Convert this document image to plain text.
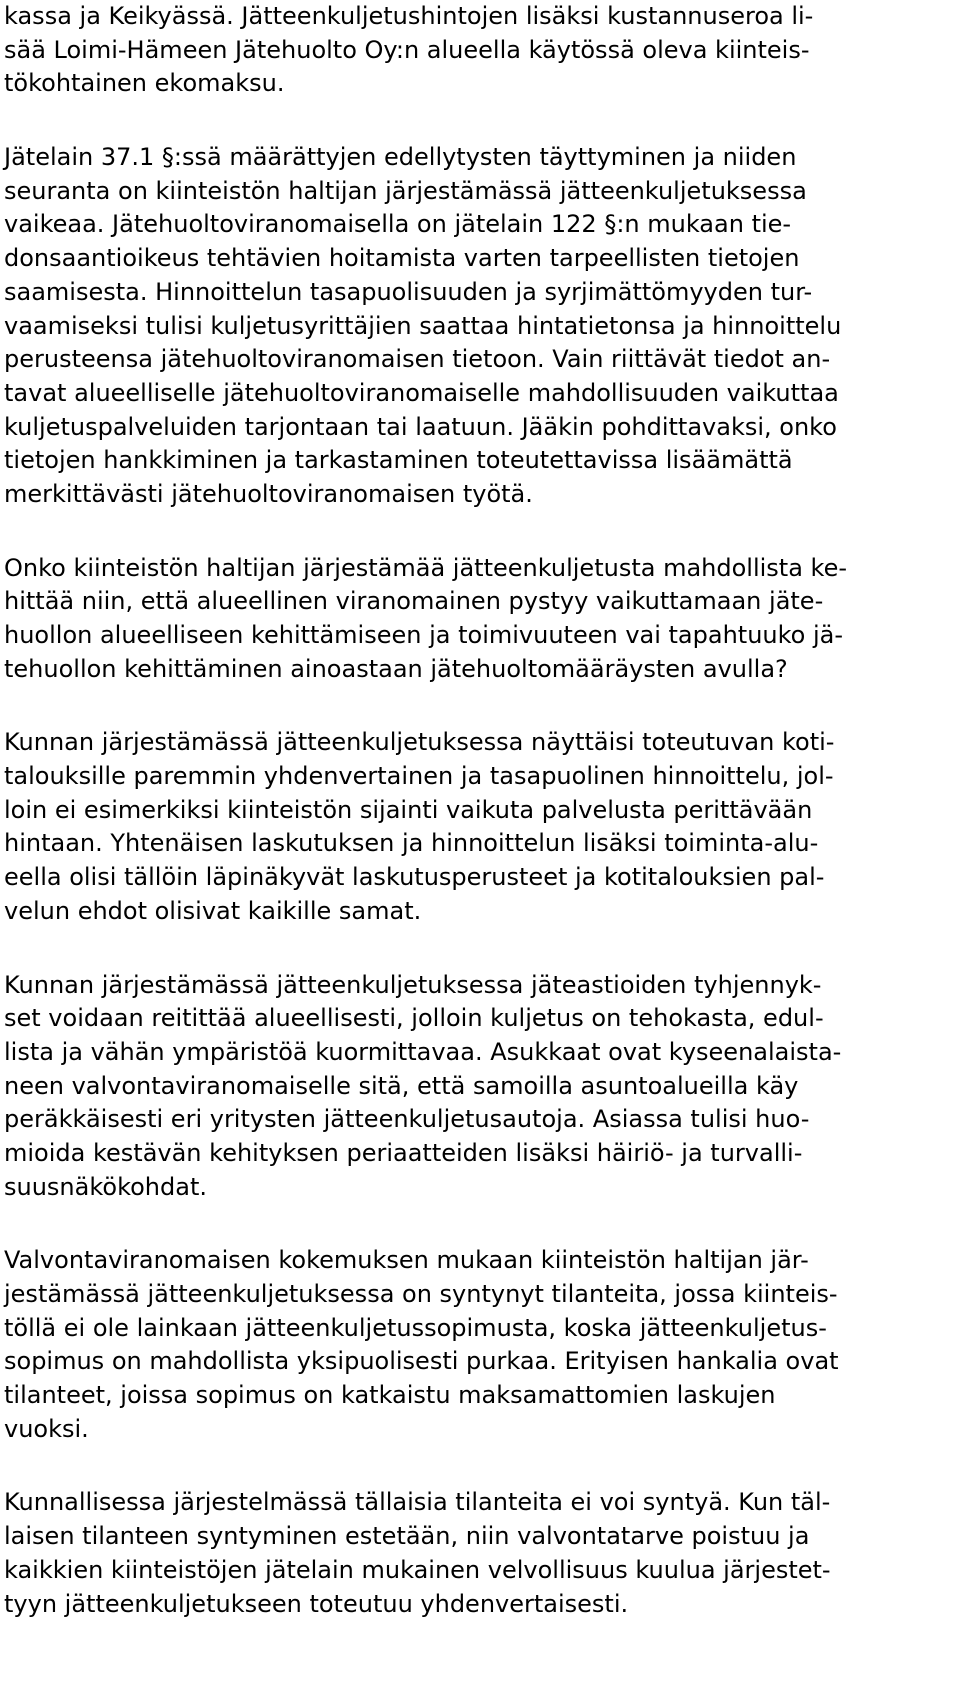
kassa ja Keikyässä. Jätteenkuljetushintojen lisäksi kustannuseroa li-
sää Loimi-Hämeen Jätehuolto Oy:n alueella käytössä oleva kiinteis-
tökohtainen ekomaksu.
Jätelain 37.1 §:ssä määrättyjen edellytysten täyttyminen ja niiden
seuranta on kiinteistön haltijan järjestämässä jätteenkuljetuksessa
vaikeaa. Jätehuoltoviranomaisella on jätelain 122 §:n mukaan tie-
donsaantioikeus tehtävien hoitamista varten tarpeellisten tietojen
saamisesta. Hinnoittelun tasapuolisuuden ja syrjimättömyyden tur-
vaamiseksi tulisi kuljetusyrittäjien saattaa hintatietonsa ja hinnoittelu
perusteensa jätehuoltoviranomaisen tietoon. Vain riittävät tiedot an-
tavat alueelliselle jätehuoltoviranomaiselle mahdollisuuden vaikuttaa
kuljetuspalveluiden tarjontaan tai laatuun. Jääkin pohdittavaksi, onko
tietojen hankkiminen ja tarkastaminen toteutettavissa lisäämättä
merkittävästi jätehuoltoviranomaisen työtä.
Onko kiinteistön haltijan järjestämää jätteenkuljetusta mahdollista ke-
hittää niin, että alueellinen viranomainen pystyy vaikuttamaan jäte-
huollon alueelliseen kehittämiseen ja toimivuuteen vai tapahtuuko jä-
tehuollon kehittäminen ainoastaan jätehuoltomääräysten avulla?
Kunnan järjestämässä jätteenkuljetuksessa näyttäisi toteutuvan koti-
talouksille paremmin yhdenvertainen ja tasapuolinen hinnoittelu, jol-
loin ei esimerkiksi kiinteistön sijainti vaikuta palvelusta perittävään
hintaan. Yhtenäisen laskutuksen ja hinnoittelun lisäksi toiminta-alu-
eella olisi tällöin läpinäkyvät laskutusperusteet ja kotitalouksien pal-
velun ehdot olisivat kaikille samat.
Kunnan järjestämässä jätteenkuljetuksessa jäteastioiden tyhjennyk-
set voidaan reitittää alueellisesti, jolloin kuljetus on tehokasta, edul-
lista ja vähän ympäristöä kuormittavaa. Asukkaat ovat kyseenalaista-
neen valvontaviranomaiselle sitä, että samoilla asuntoalueilla käy
peräkkäisesti eri yritysten jätteenkuljetusautoja. Asiassa tulisi huo-
mioida kestävän kehityksen periaatteiden lisäksi häiriö- ja turvalli-
suusnäkökohdat.
Valvontaviranomaisen kokemuksen mukaan kiinteistön haltijan jär-
jestämässä jätteenkuljetuksessa on syntynyt tilanteita, jossa kiinteis-
töllä ei ole lainkaan jätteenkuljetussopimusta, koska jätteenkuljetus-
sopimus on mahdollista yksipuolisesti purkaa. Erityisen hankalia ovat
tilanteet, joissa sopimus on katkaistu maksamattomien laskujen
vuoksi.
Kunnallisessa järjestelmässä tällaisia tilanteita ei voi syntyä. Kun täl-
laisen tilanteen syntyminen estetään, niin valvontatarve poistuu ja
kaikkien kiinteistöjen jätelain mukainen velvollisuus kuulua järjestet-
tyyn jätteenkuljetukseen toteutuu yhdenvertaisesti.
